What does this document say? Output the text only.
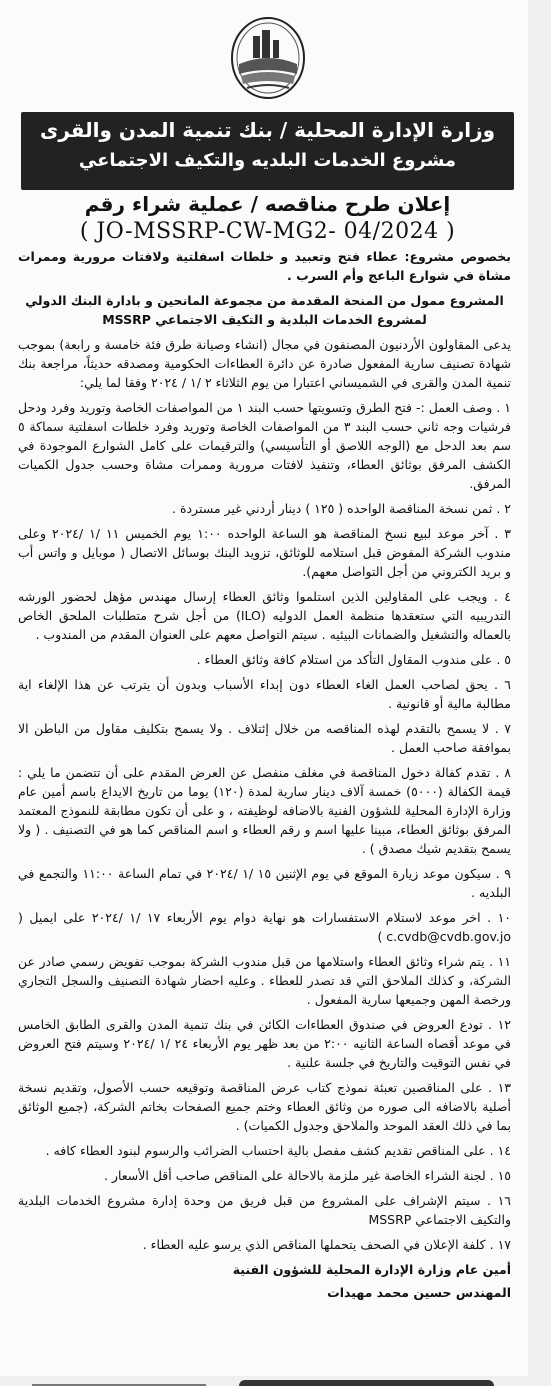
وزارة الإدارة المحلية / بنك تنمية المدن والقرى
مشروع الخدمات البلديه والتكيف الاجتماعي
إعلان طرح مناقصه / عملية شراء رقم
( JO-MSSRP-CW-MG2- 04/2024 )

بخصوص مشروع: عطاء فتح وتعبيد و خلطات اسفلتية ولافتات مرورية وممرات مشاة في شوارع الباعج وأم السرب .

المشروع ممول من المنحة المقدمة من مجموعة المانحين و بادارة البنك الدولي لمشروع الخدمات البلدية و التكيف الاجتماعي MSSRP

يدعى المقاولون الأردنيون المصنفون في مجال (انشاء وصيانة طرق فئة خامسة و رابعة) بموجب شهادة تصنيف سارية المفعول صادرة عن دائرة العطاءات الحكومية ومصدقه حديثاً، مراجعة بنك تنمية المدن والقرى في الشميساني اعتبارا من يوم الثلاثاء ٢ /١ / ٢٠٢٤ وفقا لما يلي:

١ . وصف العمل :- فتح الطرق وتسويتها حسب البند ١ من المواصفات الخاصة وتوريد وفرد ودحل فرشيات وجه ثاني حسب البند ٣ من المواصفات الخاصة وتوريد وفرد خلطات اسفلتية سماكة ٥ سم بعد الدحل مع (الوجه اللاصق أو التأسيسي) والترقيمات على كامل الشوارع الموجودة في الكشف المرفق بوثائق العطاء، وتنفيذ لافتات مرورية وممرات مشاة وحسب جدول الكميات المرفق.

٢ . ثمن نسخة المناقصة الواحده ( ١٢٥ ) دينار أردني غير مستردة .

٣ . آخر موعد لبيع نسخ المناقصة هو الساعة الواحده ١:٠٠ يوم الخميس ١١ /١ /٢٠٢٤ وعلى مندوب الشركة المفوض قبل استلامه للوثائق، تزويد البنك بوسائل الاتصال ( موبايل و واتس أب و بريد الكتروني من أجل التواصل معهم).

٤ . ويجب على المقاولين الذين استلموا وثائق العطاء إرسال مهندس مؤهل لحضور الورشه التدريبيه التي ستعقدها منظمة العمل الدوليه (ILO) من أجل شرح متطلبات الملحق الخاص بالعماله والتشغيل والضمانات البيئيه . سيتم التواصل معهم على العنوان المقدم من المندوب .

٥ . على مندوب المقاول التأكد من استلام كافة وثائق العطاء .

٦ . يحق لصاحب العمل الغاء العطاء دون إبداء الأسباب وبدون أن يترتب عن هذا الإلغاء اية مطالبة مالية أو قانونية .

٧ . لا يسمح بالتقدم لهذه المناقصه من خلال إئتلاف . ولا يسمح بتكليف مقاول من الباطن الا بموافقة صاحب العمل .

٨ . تقدم كفالة دخول المناقصة في مغلف منفصل عن العرض المقدم على أن تتضمن ما يلي : قيمة الكفالة (٥٠٠٠) خمسة آلاف دينار سارية لمدة (١٢٠) يوما من تاريخ الايداع باسم أمين عام وزارة الإدارة المحلية للشؤون الفنية بالاضافه لوظيفته ، و على أن تكون مطابقة للنموذج المعتمد المرفق بوثائق العطاء، مبينا عليها اسم و رقم العطاء و اسم المناقص كما هو في التصنيف . ( ولا يسمح بتقديم شيك مصدق ) .

٩ . سيكون موعد زيارة الموقع في يوم الإثنين ١٥ /١ /٢٠٢٤ في تمام الساعة ١١:٠٠ والتجمع في البلديه .

١٠ . اخر موعد لاستلام الاستفسارات هو نهاية دوام يوم الأربعاء ١٧ /١ /٢٠٢٤ على ايميل ( c.cvdb@cvdb.gov.jo )

١١ . يتم شراء وثائق العطاء واستلامها من قبل مندوب الشركة بموجب تفويض رسمي صادر عن الشركة، و كذلك الملاحق التي قد تصدر للعطاء . وعليه احضار شهادة التصنيف والسجل التجاري ورخصة المهن وجميعها سارية المفعول .

١٢ . تودع العروض في صندوق العطاءات الكائن في بنك تنمية المدن والقرى الطابق الخامس في موعد أقصاه الساعة الثانيه ٢:٠٠ من بعد ظهر يوم الأربعاء ٢٤ /١ /٢٠٢٤ وسيتم فتح العروض في نفس التوقيت والتاريخ في جلسة علنية .

١٣ . على المناقصين تعبئة نموذج كتاب عرض المناقصة وتوقيعه حسب الأصول، وتقديم نسخة أصلية بالاضافه الى صوره من وثائق العطاء وختم جميع الصفحات بخاتم الشركة، (جميع الوثائق بما في ذلك العقد الموحد والملاحق وجدول الكميات) .

١٤ . على المناقص تقديم كشف مفصل بالية احتساب الضرائب والرسوم لبنود العطاء كافه .

١٥ . لجنة الشراء الخاصة غير ملزمة بالاحالة على المناقص صاحب أقل الأسعار .

١٦ . سيتم الإشراف على المشروع من قبل فريق من وحدة إدارة مشروع الخدمات البلدية والتكيف الاجتماعي MSSRP

١٧ . كلفة الإعلان في الصحف يتحملها المناقص الذي يرسو عليه العطاء .

أمين عام وزارة الإدارة المحلية للشؤون الفنية
المهندس حسين محمد مهيدات
